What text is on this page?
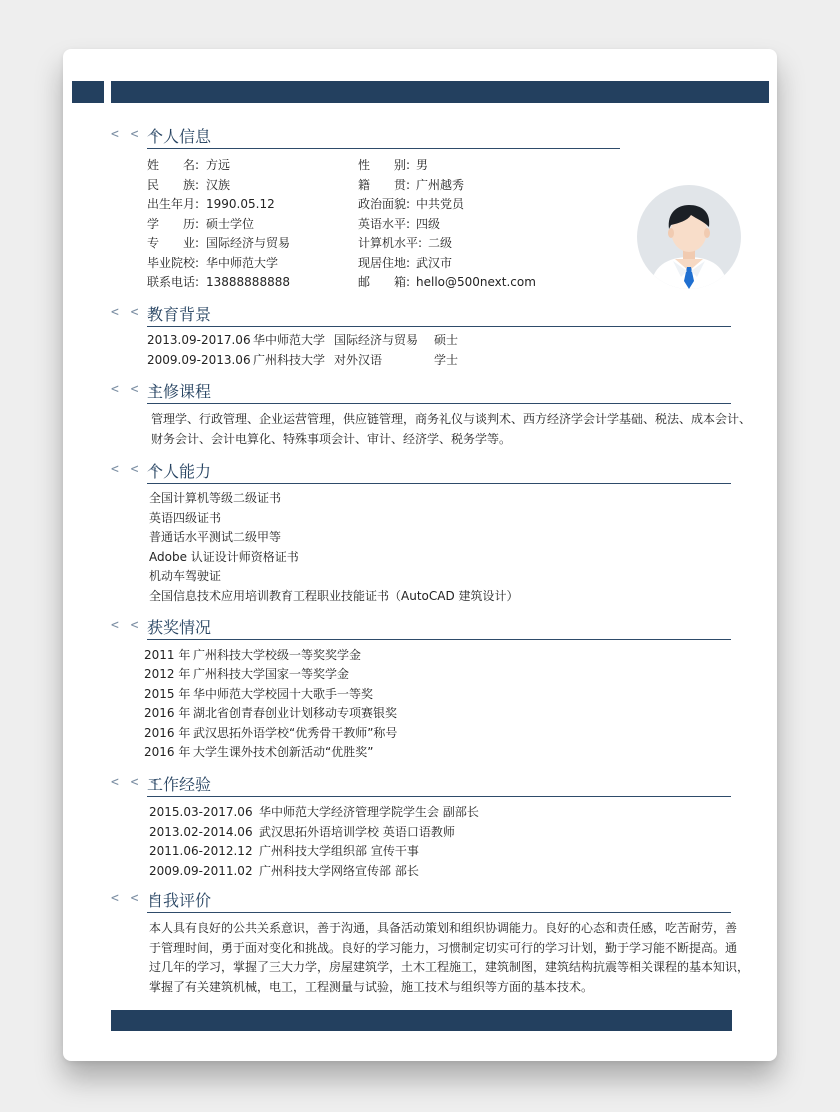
< < <
个人信息
姓　　名: 方远
民　　族: 汉族
出生年月: 1990.05.12
学　　历: 硕士学位
专　　业: 国际经济与贸易
毕业院校: 华中师范大学
联系电话: 13888888888
性　　别: 男
籍　　贯: 广州越秀
政治面貌: 中共党员
英语水平: 四级
计算机水平: 二级
现居住地: 武汉市
邮　　箱: hello@500next.com
< < <
教育背景
2013.09-2017.06 华中师范大学 国际经济与贸易 硕士
2009.09-2013.06 广州科技大学 对外汉语	学士
< < <
主修课程
管理学、行政管理、企业运营管理，供应链管理，商务礼仪与谈判术、西方经济学会计学基础、税法、成本会计、
财务会计、会计电算化、特殊事项会计、审计、经济学、税务学等。
< < <
个人能力
全国计算机等级二级证书
英语四级证书
普通话水平测试二级甲等
Adobe 认证设计师资格证书
机动车驾驶证
全国信息技术应用培训教育工程职业技能证书（AutoCAD 建筑设计）
< < <
获奖情况
2011 年 广州科技大学校级一等奖奖学金
2012 年 广州科技大学国家一等奖学金
2015 年 华中师范大学校园十大歌手一等奖
2016 年 湖北省创青春创业计划移动专项赛银奖
2016 年 武汉思拓外语学校“优秀骨干教师”称号
2016 年 大学生课外技术创新活动“优胜奖”
< < <
工作经验
2015.03-2017.06 华中师范大学经济管理学院学生会 副部长
2013.02-2014.06 武汉思拓外语培训学校 英语口语教师
2011.06-2012.12 广州科技大学组织部 宣传干事
2009.09-2011.02 广州科技大学网络宣传部 部长
< < <
自我评价
本人具有良好的公共关系意识，善于沟通，具备活动策划和组织协调能力。良好的心态和责任感，吃苦耐劳，善
于管理时间，勇于面对变化和挑战。良好的学习能力，习惯制定切实可行的学习计划，勤于学习能不断提高。通
过几年的学习，掌握了三大力学，房屋建筑学，土木工程施工，建筑制图，建筑结构抗震等相关课程的基本知识，
掌握了有关建筑机械，电工，工程测量与试验，施工技术与组织等方面的基本技术。
